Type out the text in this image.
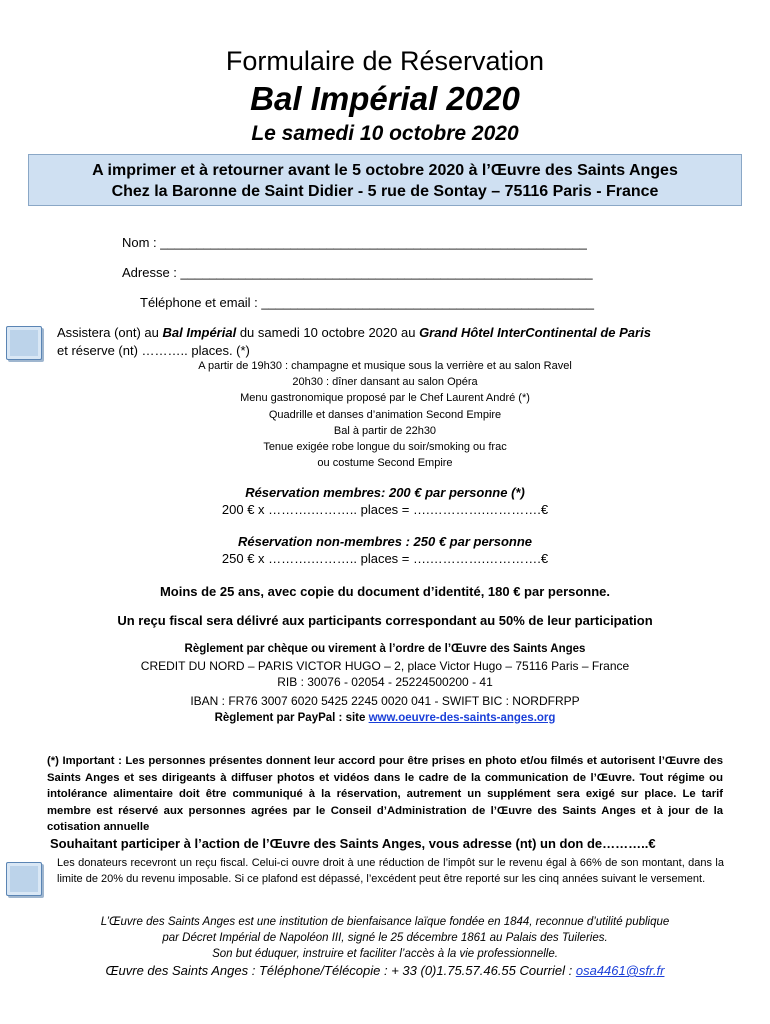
Formulaire de Réservation
Bal Impérial 2020
Le samedi 10 octobre 2020
A imprimer et à retourner avant le 5 octobre 2020 à l’Œuvre des Saints Anges
Chez la Baronne de Saint Didier - 5 rue de Sontay – 75116 Paris - France
Nom : ___________________________________________________________
Adresse : _________________________________________________________
Téléphone et email : ______________________________________________
Assistera (ont) au Bal Impérial du samedi 10 octobre 2020 au Grand Hôtel InterContinental de Paris
et réserve (nt) ……….. places. (*)
A partir de 19h30 : champagne et musique sous la verrière et au salon Ravel
20h30 : dîner dansant au salon Opéra
Menu gastronomique proposé par le Chef Laurent André (*)
Quadrille et danses d’animation Second Empire
Bal à partir de 22h30
Tenue exigée robe longue du soir/smoking ou frac
ou costume Second Empire
Réservation membres: 200 € par personne (*)
200 € x ……….……….. places = ….………….………….€
Réservation non-membres : 250 € par personne
250 € x ……….……….. places = ….………….………….€
Moins de 25 ans, avec copie du document d’identité, 180 € par personne.
Un reçu fiscal sera délivré aux participants correspondant au 50% de leur participation
Règlement par chèque ou virement à l’ordre de l’Œuvre des Saints Anges
CREDIT DU NORD – PARIS VICTOR HUGO – 2, place Victor Hugo – 75116 Paris – France
RIB : 30076 - 02054 - 25224500200 - 41
IBAN : FR76 3007 6020 5425 2245 0020 041 - SWIFT BIC : NORDFRPP
Règlement par PayPal : site www.oeuvre-des-saints-anges.org
(*) Important : Les personnes présentes donnent leur accord pour être prises en photo et/ou filmés et autorisent l’Œuvre des Saints Anges et ses dirigeants à diffuser photos et vidéos dans le cadre de la communication de l’Œuvre. Tout régime ou intolérance alimentaire doit être communiqué à la réservation, autrement un supplément sera exigé sur place. Le tarif membre est réservé aux personnes agrées par le Conseil d’Administration de l’Œuvre des Saints Anges et à jour de la cotisation annuelle
Souhaitant participer à l’action de l’Œuvre des Saints Anges, vous adresse (nt) un don de………..€
Les donateurs recevront un reçu fiscal. Celui-ci ouvre droit à une réduction de l’impôt sur le revenu égal à 66% de son montant, dans la limite de 20% du revenu imposable. Si ce plafond est dépassé, l’excédent peut être reporté sur les cinq années suivant le versement.
L’Œuvre des Saints Anges est une institution de bienfaisance laïque fondée en 1844, reconnue d’utilité publique
par Décret Impérial de Napoléon III, signé le 25 décembre 1861 au Palais des Tuileries.
Son but éduquer, instruire et faciliter l’accès à la vie professionnelle.
Œuvre des Saints Anges : Téléphone/Télécopie : + 33 (0)1.75.57.46.55 Courriel : osa4461@sfr.fr
